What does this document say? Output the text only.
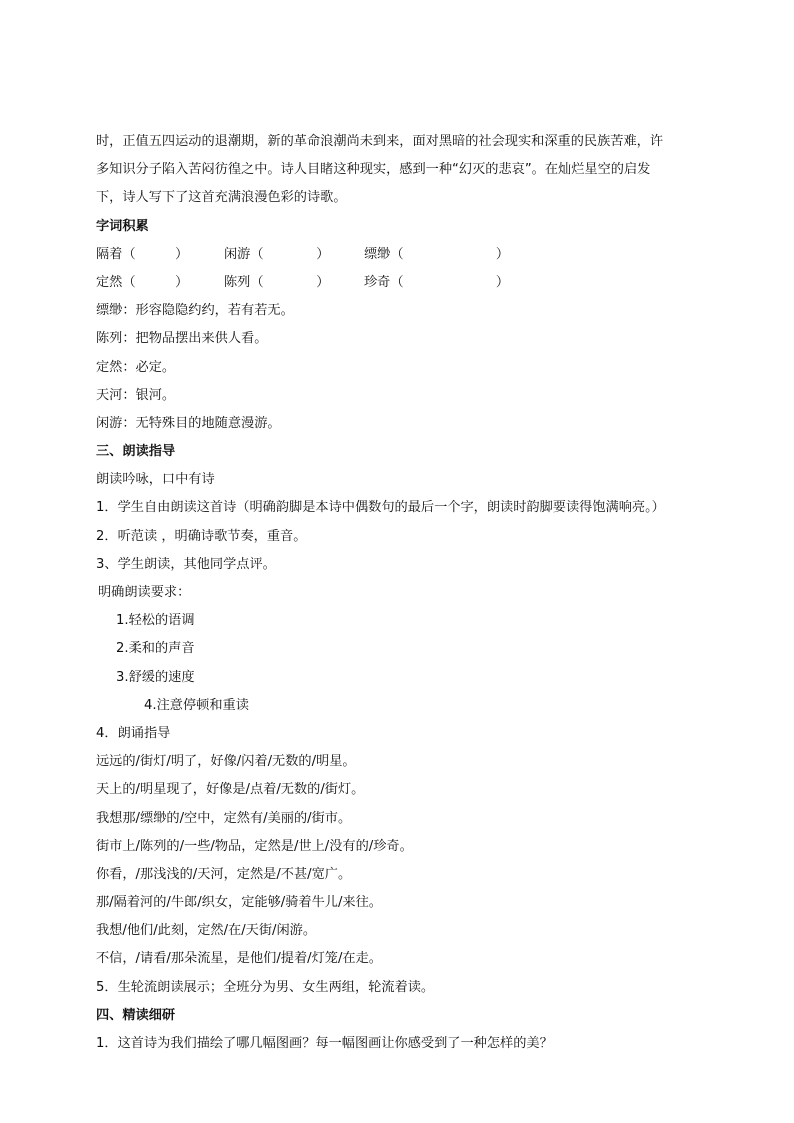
时，正值五四运动的退潮期，新的革命浪潮尚未到来，面对黑暗的社会现实和深重的民族苦难，许
多知识分子陷入苦闷彷徨之中。诗人目睹这种现实，感到一种“幻灭的悲哀”。在灿烂星空的启发
下，诗人写下了这首充满浪漫色彩的诗歌。
字词积累
隔着（　　　）	闲游（　　　　）	缥缈（　　　　　　　）
定然（　　　）	陈列（　　　　）	珍奇（　　　　　　　）
缥缈：形容隐隐约约，若有若无。
陈列：把物品摆出来供人看。
定然：必定。
天河：银河。
闲游：无特殊目的地随意漫游。
三、朗读指导
朗读吟咏，口中有诗
1．学生自由朗读这首诗（明确韵脚是本诗中偶数句的最后一个字，朗读时韵脚要读得饱满响亮。）
2．听范读 ，明确诗歌节奏，重音。
3、学生朗读，其他同学点评。
明确朗读要求：
1.轻松的语调
2.柔和的声音
3.舒缓的速度
4.注意停顿和重读
4．朗诵指导
远远的/街灯/明了，好像/闪着/无数的/明星。
天上的/明星现了，好像是/点着/无数的/街灯。
我想那/缥缈的/空中，定然有/美丽的/街市。
街市上/陈列的/一些/物品，定然是/世上/没有的/珍奇。
你看，/那浅浅的/天河，定然是/不甚/宽广。
那/隔着河的/牛郎/织女，定能够/骑着牛儿/来往。
我想/他们/此刻，定然/在/天街/闲游。
不信，/请看/那朵流星，是他们/提着/灯笼/在走。
5．生轮流朗读展示；全班分为男、女生两组，轮流着读。
四、精读细研
1．这首诗为我们描绘了哪几幅图画？每一幅图画让你感受到了一种怎样的美？
